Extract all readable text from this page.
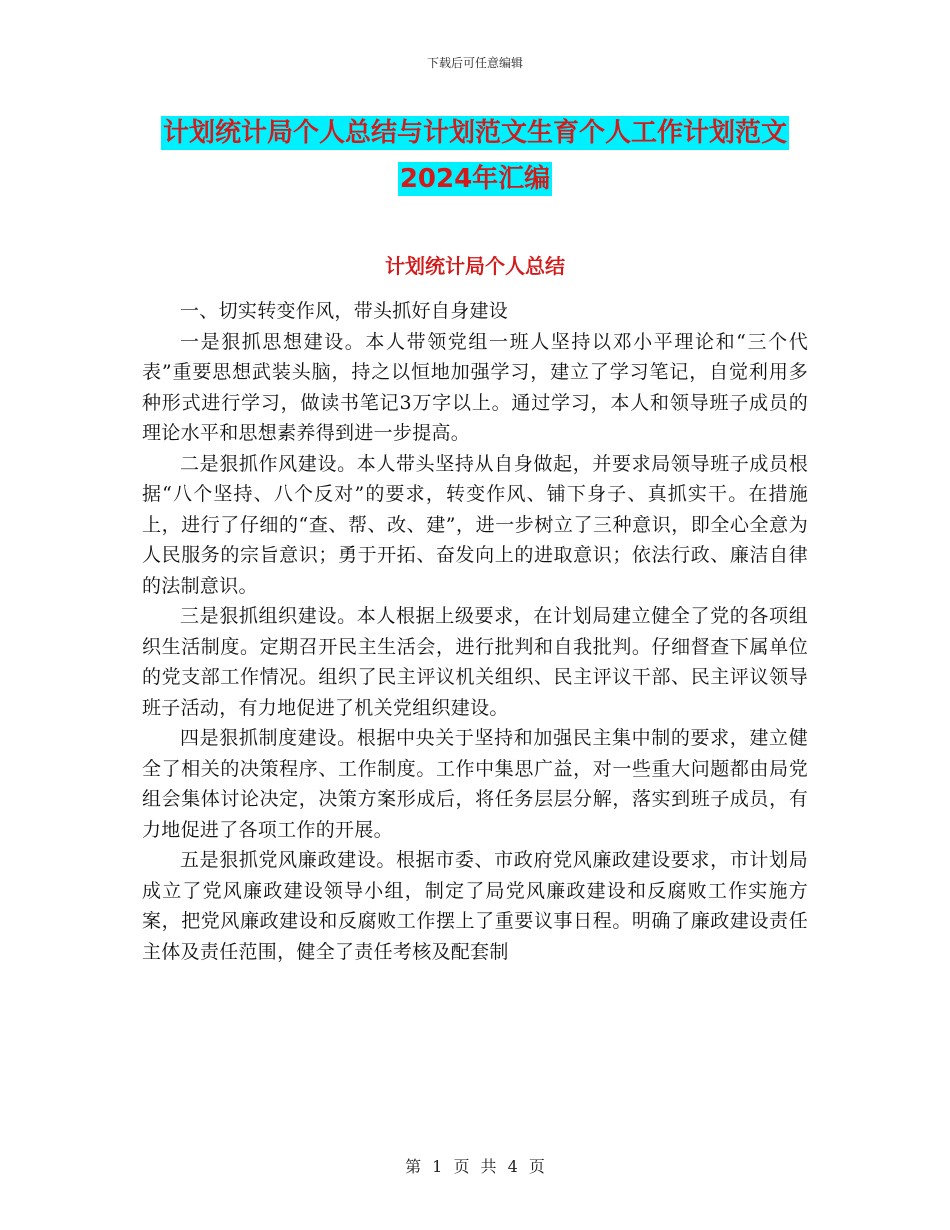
下载后可任意编辑
计划统计局个人总结与计划范文生育个人工作计划范文2024年汇编
计划统计局个人总结

一、切实转变作风，带头抓好自身建设

一是狠抓思想建设。本人带领党组一班人坚持以邓小平理论和“三个代表”重要思想武装头脑，持之以恒地加强学习，建立了学习笔记，自觉利用多种形式进行学习，做读书笔记3万字以上。通过学习，本人和领导班子成员的理论水平和思想素养得到进一步提高。

二是狠抓作风建设。本人带头坚持从自身做起，并要求局领导班子成员根据“八个坚持、八个反对”的要求，转变作风、铺下身子、真抓实干。在措施上，进行了仔细的“查、帮、改、建”，进一步树立了三种意识，即全心全意为人民服务的宗旨意识；勇于开拓、奋发向上的进取意识；依法行政、廉洁自律的法制意识。

三是狠抓组织建设。本人根据上级要求，在计划局建立健全了党的各项组织生活制度。定期召开民主生活会，进行批判和自我批判。仔细督查下属单位的党支部工作情况。组织了民主评议机关组织、民主评议干部、民主评议领导班子活动，有力地促进了机关党组织建设。

四是狠抓制度建设。根据中央关于坚持和加强民主集中制的要求，建立健全了相关的决策程序、工作制度。工作中集思广益，对一些重大问题都由局党组会集体讨论决定，决策方案形成后，将任务层层分解，落实到班子成员，有力地促进了各项工作的开展。

五是狠抓党风廉政建设。根据市委、市政府党风廉政建设要求，市计划局成立了党风廉政建设领导小组，制定了局党风廉政建设和反腐败工作实施方案，把党风廉政建设和反腐败工作摆上了重要议事日程。明确了廉政建设责任主体及责任范围，健全了责任考核及配套制

第 1 页 共 4 页
